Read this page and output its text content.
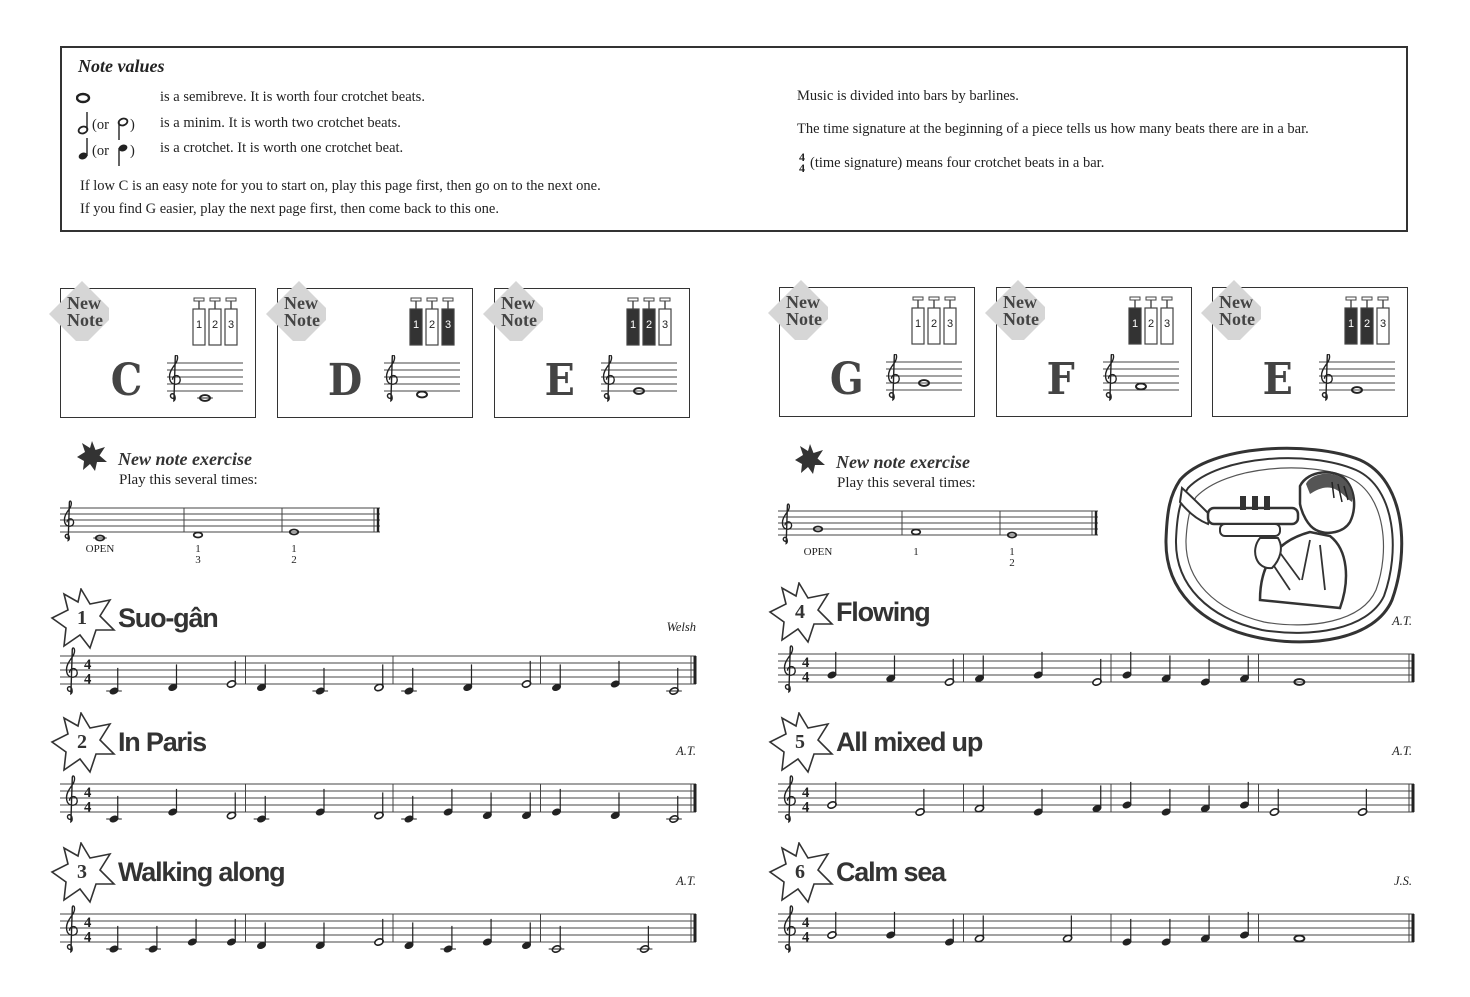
Note values
is a semibreve. It is worth four crotchet beats.
(or ) is a minim. It is worth two crotchet beats.
(or ) is a crotchet. It is worth one crotchet beat.
If low C is an easy note for you to start on, play this page first, then go on to the next one.
If you find G easier, play the next page first, then come back to this one.
Music is divided into bars by barlines.
The time signature at the beginning of a piece tells us how many beats there are in a bar.
4
4 (time signature) means four crotchet beats in a bar.
New
Note
C
1 2 3
New
Note
D
1 2 3
New
Note
E
1 2 3
New
Note
G
1 2 3
New
Note
F
1 2 3
New
Note
E
1 2 3
New note exercise
Play this several times:
OPEN	1
3
1
2
New note exercise
Play this several times:
OPEN	1	1
2
1 Suo-gân	Welsh
4
4
2 In Paris	A.T.
4
4
3 Walking along	A.T.
4
4
4 Flowing	A.T.
4
4
5 All mixed up	A.T.
4
4
6 Calm sea	J.S.
4
4
